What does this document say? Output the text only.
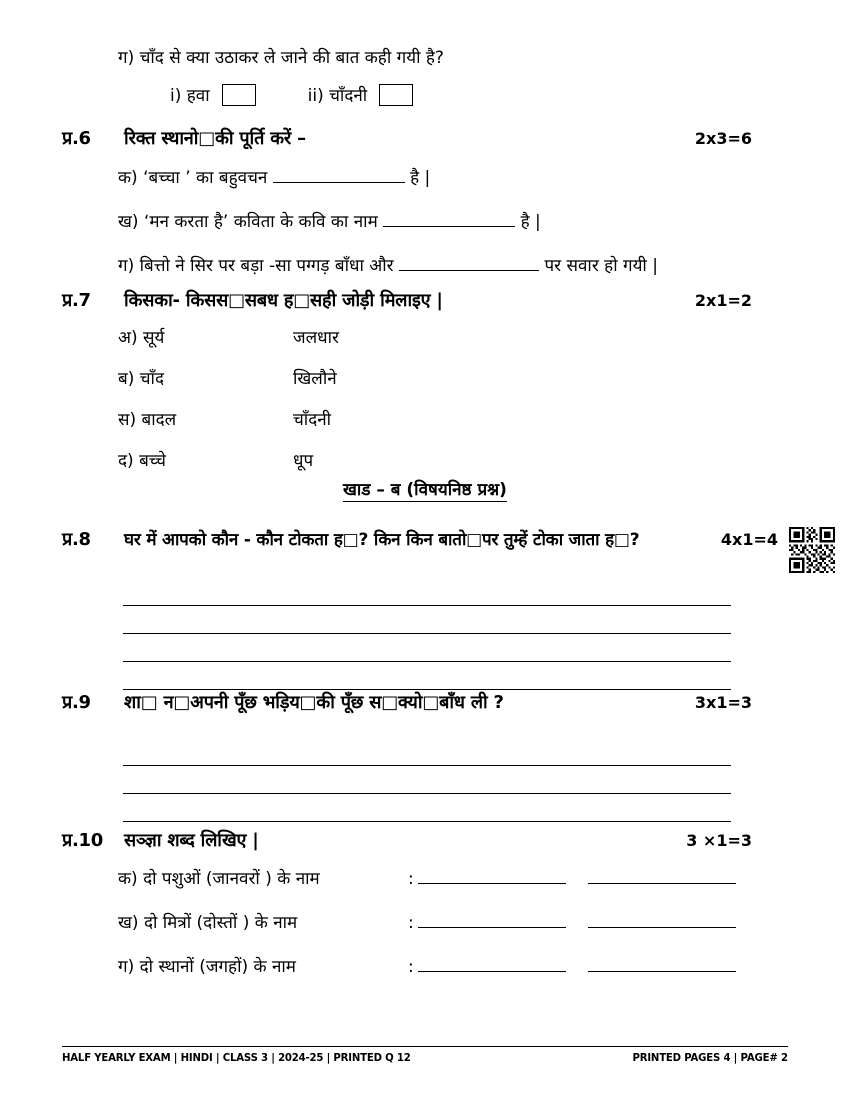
ग) चाँद से क्या उठाकर ले जाने की बात कही गयी है?
i) हवा	ii) चाँदनी
प्र.6	रिक्त स्थानो□की पूर्ति करें –	2x3=6
क) ‘बच्चा ’ का बहुवचन	है |
ख) ‘मन करता है’ कविता के कवि का नाम	है |
ग) बित्तो ने सिर पर बड़ा -सा पग्गड़ बाँधा और	पर सवार हो गयी |
प्र.7	किसका- किसस□सबध ह□सही जोड़ी मिलाइए |	2x1=2
अ) सूर्य	जलधार
ब) चाँद	खिलौने
स) बादल	चाँदनी
द) बच्चे	धूप
खाड – ब (विषयनिष्ठ प्रश्न)
प्र.8	घर में आपको कौन - कौन टोकता ह□? किन किन बातो□पर तुम्हें टोका जाता ह□?	4x1=4
प्र.9	शा□ न□अपनी पूँछ भड़िय□की पूँछ स□क्यो□बाँध ली ?	3x1=3
प्र.10	सञ्ज्ञा शब्द लिखिए |	3 ×1=3
क) दो पशुओं (जानवरों ) के नाम	:
ख) दो मित्रों (दोस्तों ) के नाम	:
ग) दो स्थानों (जगहों) के नाम	:
HALF YEARLY EXAM | HINDI | CLASS 3 | 2024-25 | PRINTED Q 12	PRINTED PAGES 4 | PAGE# 2
